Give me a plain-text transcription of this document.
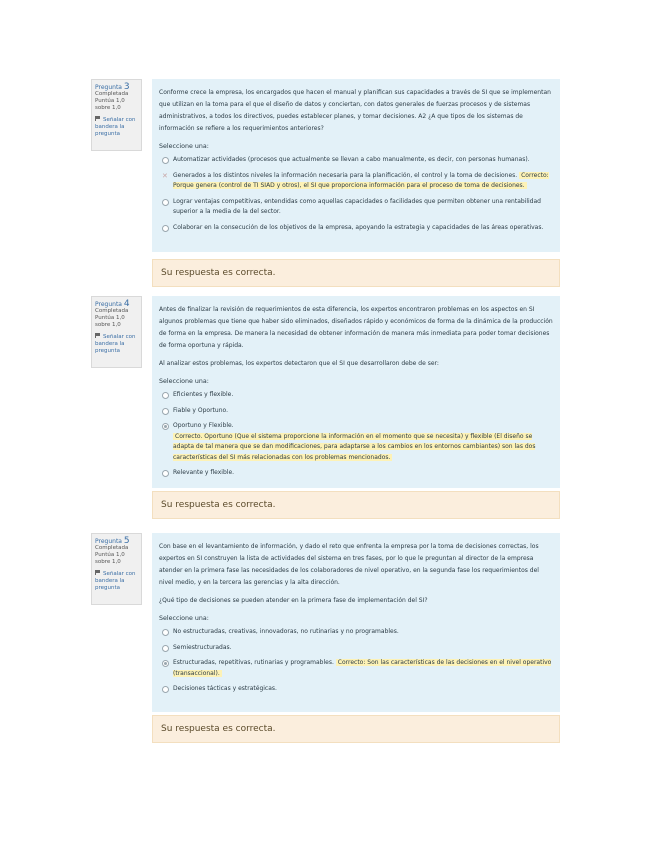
Pregunta 3
Completada
Puntúa 1,0 sobre 1,0
Señalar con bandera la pregunta

Conforme crece la empresa, los encargados que hacen el manual y planifican sus capacidades a través de SI que se implementan que utilizan en la toma para el que el diseño de datos y conciertan, con datos generales de fuerzas procesos y de sistemas administrativos, a todos los directivos, puedes establecer planes, y tomar decisiones. A2 ¿A que tipos de los sistemas de información se refiere a los requerimientos anteriores?

Seleccione una:
Automatizar actividades (procesos que actualmente se llevan a cabo manualmente, es decir, con personas humanas).
✕ Generados a los distintos niveles la información necesaria para la planificación, el control y la toma de decisiones. Correcto: Porque genera (control de TI SIAD y otros), el SI que proporciona información para el proceso de toma de decisiones.
Lograr ventajas competitivas, entendidas como aquellas capacidades o facilidades que permiten obtener una rentabilidad superior a la media de la del sector.
Colaborar en la consecución de los objetivos de la empresa, apoyando la estrategia y capacidades de las áreas operativas.
Su respuesta es correcta.
Pregunta 4
Completada
Puntúa 1,0 sobre 1,0
Señalar con bandera la pregunta

Antes de finalizar la revisión de requerimientos de esta diferencia, los expertos encontraron problemas en los aspectos en SI algunos problemas que tiene que haber sido eliminados, diseñados rápido y económicos de forma de la dinámica de la producción de forma en la empresa. De manera la necesidad de obtener información de manera más inmediata para poder tomar decisiones de forma oportuna y rápida.

Al analizar estos problemas, los expertos detectaron que el SI que desarrollaron debe de ser:

Seleccione una:
Eficientes y flexible.
Fiable y Oportuno.
Oportuno y Flexible.
Correcto. Oportuno (Que el sistema proporcione la información en el momento que se necesita) y flexible (El diseño se adapta de tal manera que se dan modificaciones, para adaptarse a los cambios en los entornos cambiantes) son las dos características del SI más relacionadas con los problemas mencionados.
Relevante y flexible.
Su respuesta es correcta.
Pregunta 5
Completada
Puntúa 1,0 sobre 1,0
Señalar con bandera la pregunta

Con base en el levantamiento de información, y dado el reto que enfrenta la empresa por la toma de decisiones correctas, los expertos en SI construyen la lista de actividades del sistema en tres fases, por lo que le preguntan al director de la empresa atender en la primera fase las necesidades de los colaboradores de nivel operativo, en la segunda fase los requerimientos del nivel medio, y en la tercera las gerencias y la alta dirección.

¿Qué tipo de decisiones se pueden atender en la primera fase de implementación del SI?

Seleccione una:
No estructuradas, creativas, innovadoras, no rutinarias y no programables.
Semiestructuradas.
Estructuradas, repetitivas, rutinarias y programables. Correcto: Son las características de las decisiones en el nivel operativo (transaccional).
Decisiones tácticas y estratégicas.
Su respuesta es correcta.
